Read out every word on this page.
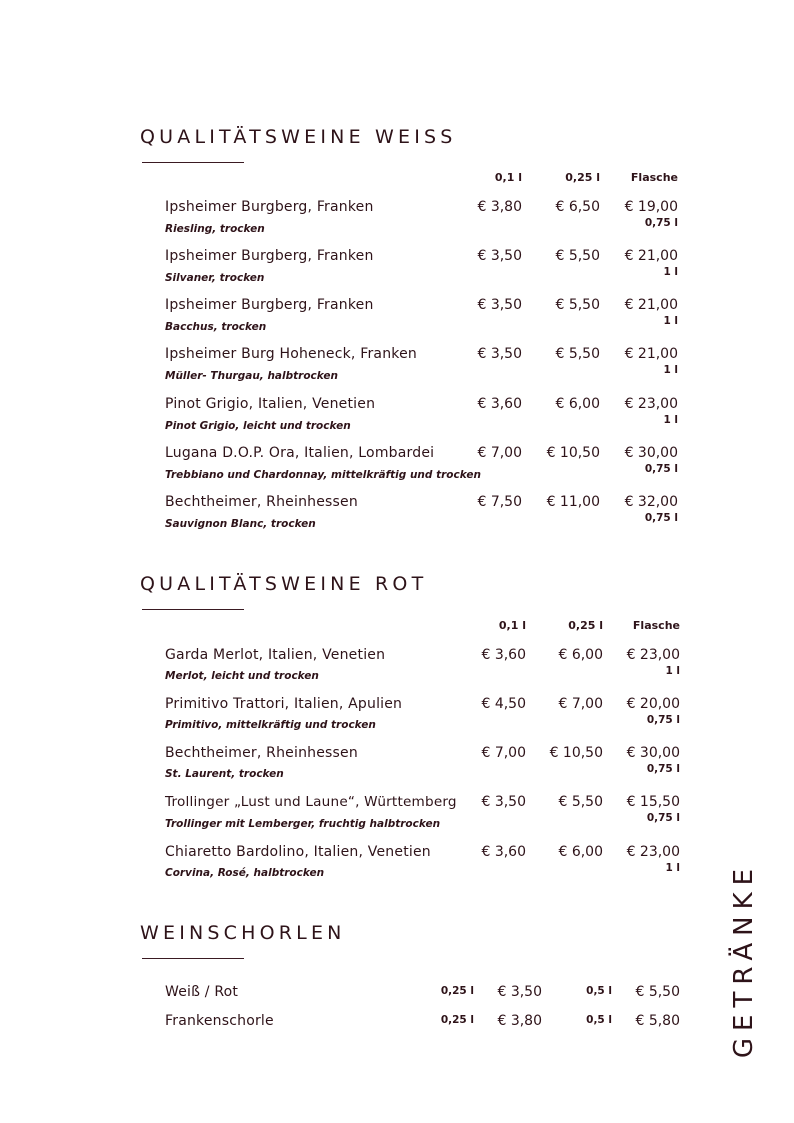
QUALITÄTSWEINE WEISS
0,1 l	0,25 l	Flasche
Ipsheimer Burgberg, Franken
Riesling, trocken
€ 3,80 € 6,50 € 19,00
0,75 l
Ipsheimer Burgberg, Franken
Silvaner, trocken
€ 3,50 € 5,50 € 21,00
1 l
Ipsheimer Burgberg, Franken
Bacchus, trocken
€ 3,50 € 5,50 € 21,00
1 l
Ipsheimer Burg Hoheneck, Franken
Müller- Thurgau, halbtrocken
€ 3,50 € 5,50 € 21,00
1 l
Pinot Grigio, Italien, Venetien
Pinot Grigio, leicht und trocken
€ 3,60 € 6,00 € 23,00
1 l
Lugana D.O.P. Ora, Italien, Lombardei
Trebbiano und Chardonnay, mittelkräftig und trocken
€ 7,00 € 10,50 € 30,00
0,75 l
Bechtheimer, Rheinhessen
Sauvignon Blanc, trocken
€ 7,50 € 11,00 € 32,00
0,75 l
QUALITÄTSWEINE ROT
0,1 l	0,25 l	Flasche
Garda Merlot, Italien, Venetien
Merlot, leicht und trocken
€ 3,60 € 6,00 € 23,00
1 l
Primitivo Trattori, Italien, Apulien
Primitivo, mittelkräftig und trocken
€ 4,50 € 7,00 € 20,00
0,75 l
Bechtheimer, Rheinhessen
St. Laurent, trocken
€ 7,00 € 10,50 € 30,00
0,75 l
Trollinger „Lust und Laune“, Württemberg
Trollinger mit Lemberger, fruchtig halbtrocken
€ 3,50 € 5,50 € 15,50
0,75 l
Chiaretto Bardolino, Italien, Venetien
Corvina, Rosé, halbtrocken
€ 3,60 € 6,00 € 23,00
1 l
WEINSCHORLEN
Weiß / Rot	0,25 l € 3,50	0,5 l € 5,50
Frankenschorle	0,25 l € 3,80	0,5 l € 5,80 GETRÄNKE
